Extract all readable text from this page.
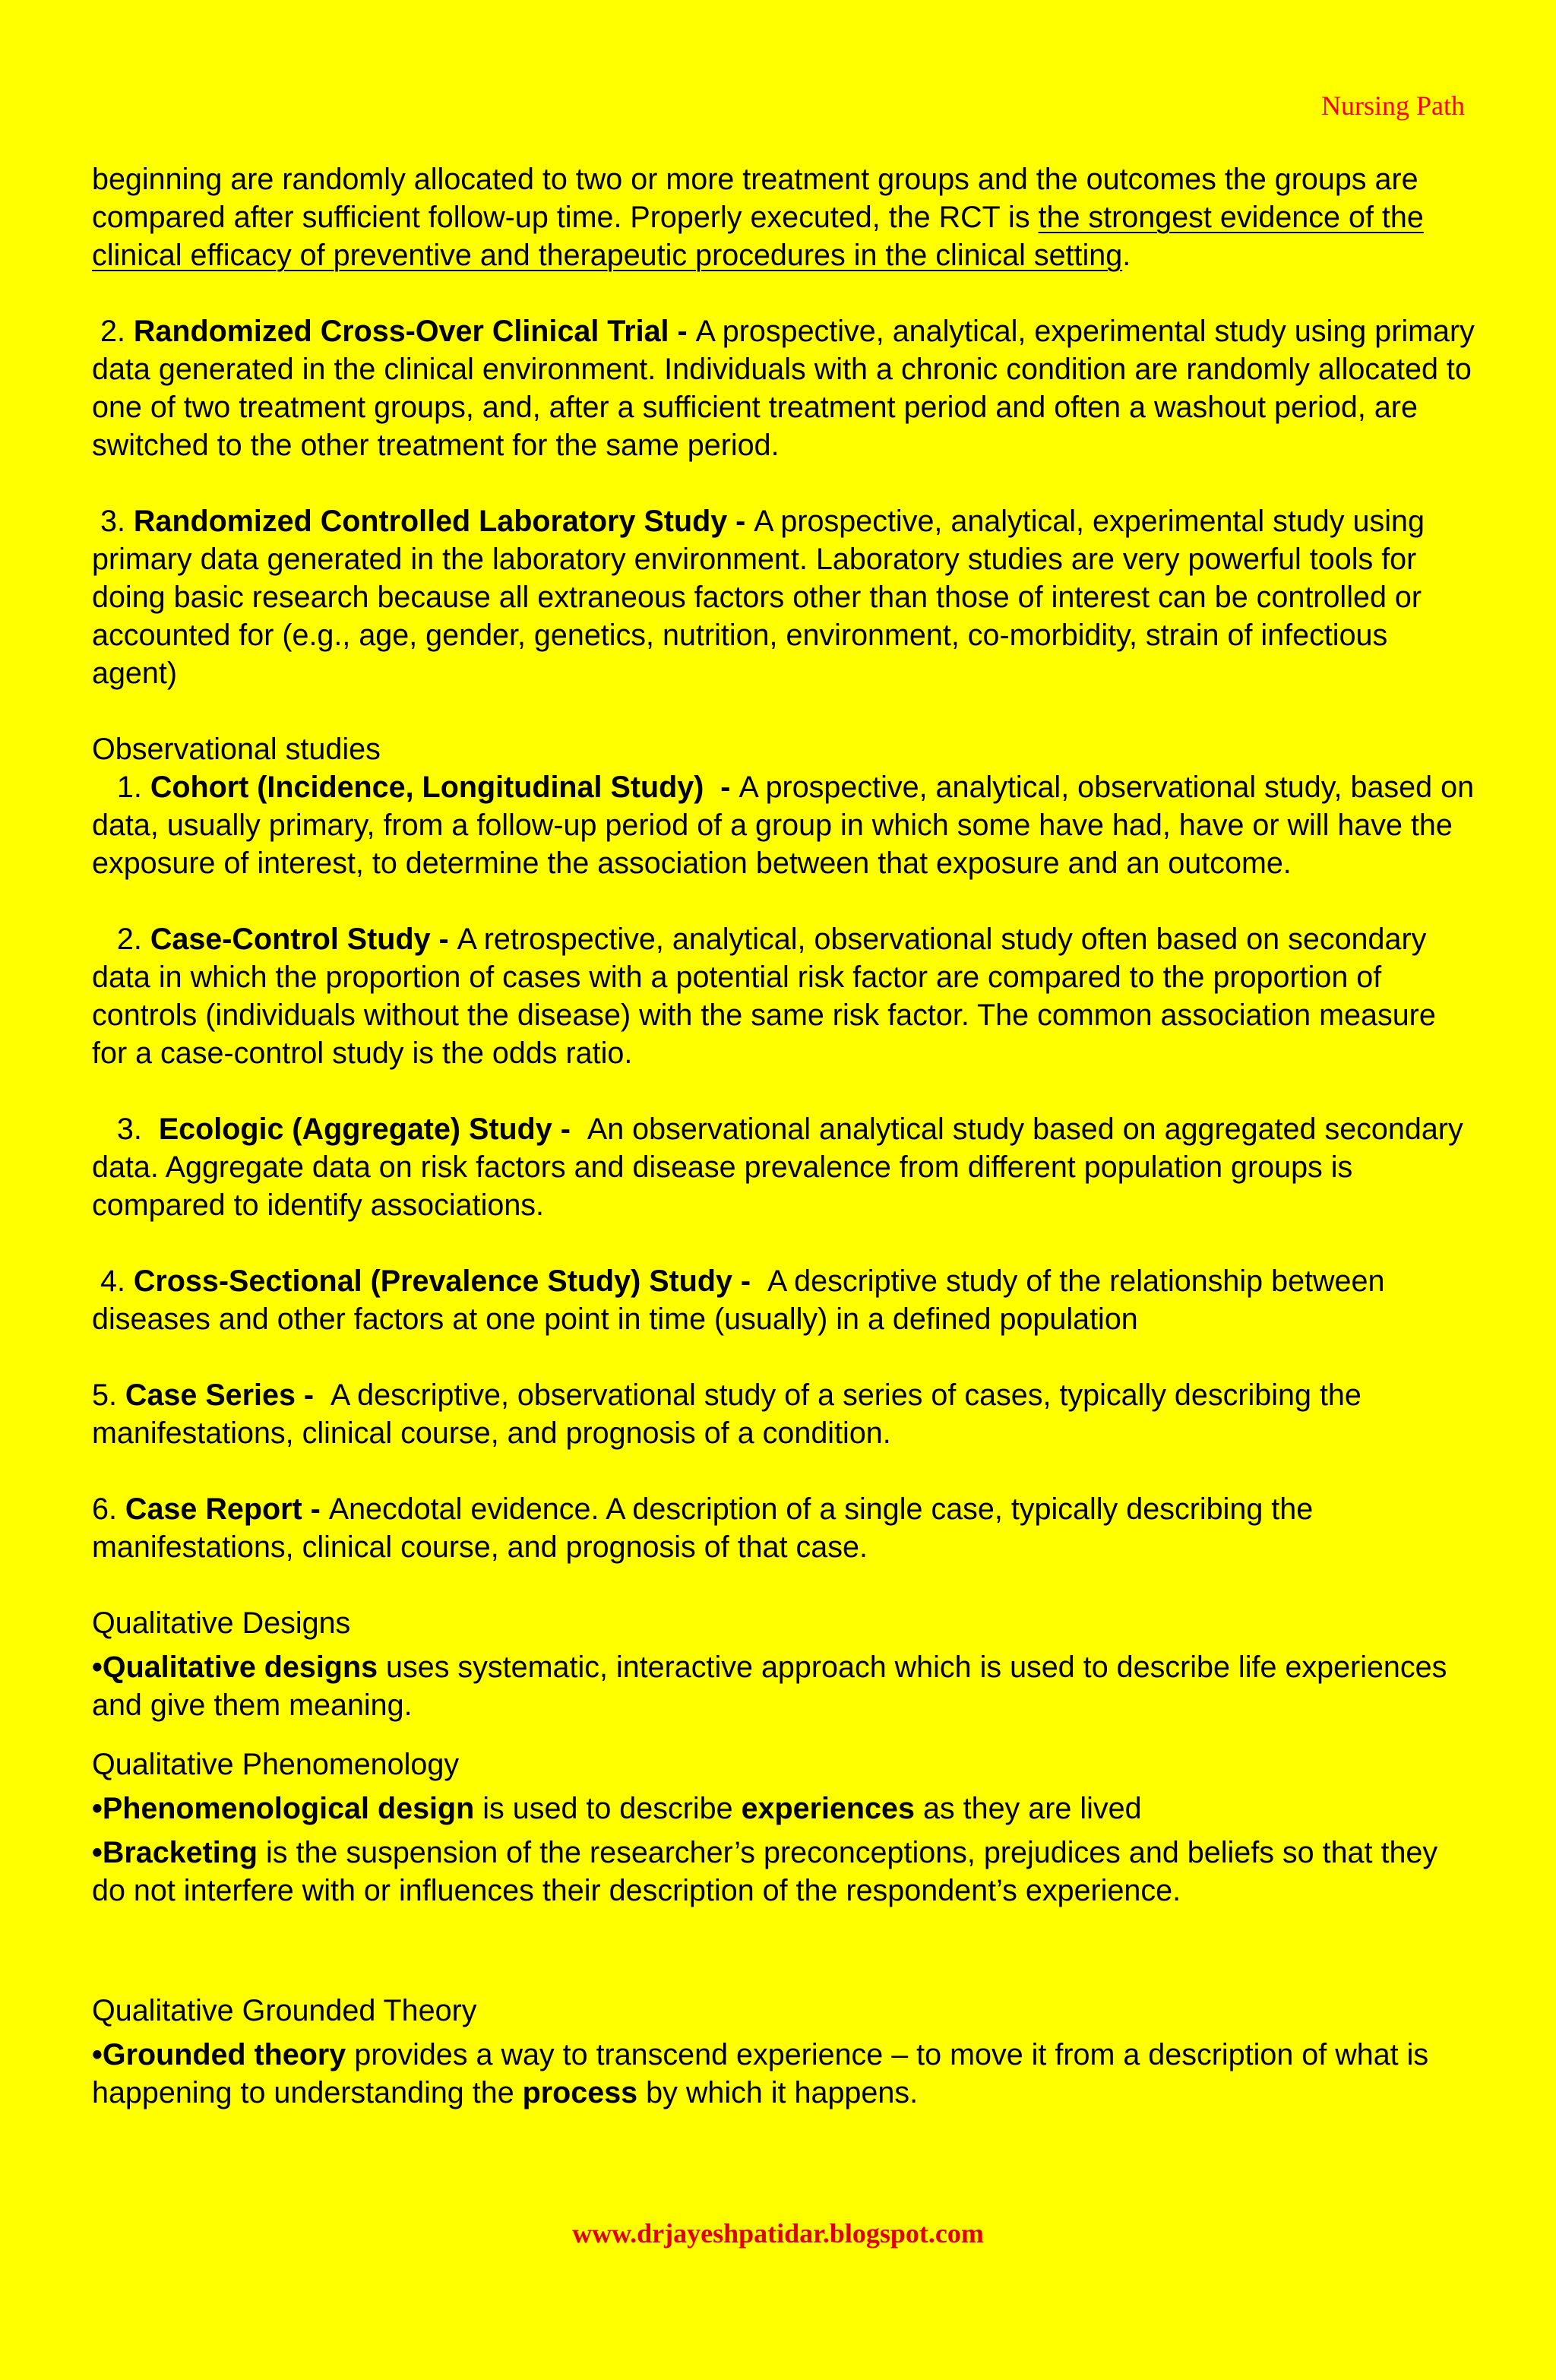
Nursing Path

beginning are randomly allocated to two or more treatment groups and the outcomes the groups are compared after sufficient follow-up time. Properly executed, the RCT is the strongest evidence of the clinical efficacy of preventive and therapeutic procedures in the clinical setting.

2. Randomized Cross-Over Clinical Trial - A prospective, analytical, experimental study using primary data generated in the clinical environment. Individuals with a chronic condition are randomly allocated to one of two treatment groups, and, after a sufficient treatment period and often a washout period, are switched to the other treatment for the same period.

3. Randomized Controlled Laboratory Study - A prospective, analytical, experimental study using primary data generated in the laboratory environment. Laboratory studies are very powerful tools for doing basic research because all extraneous factors other than those of interest can be controlled or accounted for (e.g., age, gender, genetics, nutrition, environment, co-morbidity, strain of infectious agent)

Observational studies

1. Cohort (Incidence, Longitudinal Study)  - A prospective, analytical, observational study, based on data, usually primary, from a follow-up period of a group in which some have had, have or will have the exposure of interest, to determine the association between that exposure and an outcome.

2. Case-Control Study - A retrospective, analytical, observational study often based on secondary data in which the proportion of cases with a potential risk factor are compared to the proportion of controls (individuals without the disease) with the same risk factor. The common association measure for a case-control study is the odds ratio.

3.  Ecologic (Aggregate) Study -  An observational analytical study based on aggregated secondary data. Aggregate data on risk factors and disease prevalence from different population groups is compared to identify associations.

4. Cross-Sectional (Prevalence Study) Study -  A descriptive study of the relationship between diseases and other factors at one point in time (usually) in a defined population

5. Case Series -  A descriptive, observational study of a series of cases, typically describing the manifestations, clinical course, and prognosis of a condition.

6. Case Report - Anecdotal evidence. A description of a single case, typically describing the manifestations, clinical course, and prognosis of that case.

Qualitative Designs

•Qualitative designs uses systematic, interactive approach which is used to describe life experiences and give them meaning.

Qualitative Phenomenology

•Phenomenological design is used to describe experiences as they are lived

•Bracketing is the suspension of the researcher’s preconceptions, prejudices and beliefs so that they do not interfere with or influences their description of the respondent’s experience.

Qualitative Grounded Theory

•Grounded theory provides a way to transcend experience – to move it from a description of what is happening to understanding the process by which it happens.

www.drjayeshpatidar.blogspot.com
